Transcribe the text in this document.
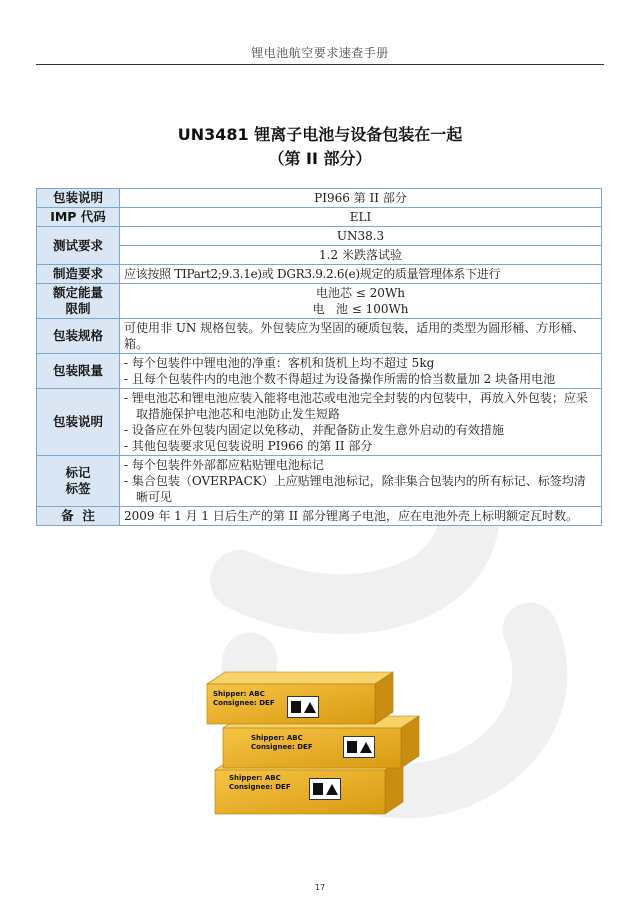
锂电池航空要求速查手册
UN3481 锂离子电池与设备包装在一起
（第 II 部分）
包装说明	PI966 第 II 部分
IMP 代码	ELI
测试要求	UN38.3
	1.2 米跌落试验
制造要求	应该按照 TIPart2;9.3.1e)或 DGR3.9.2.6(e)规定的质量管理体系下进行

额定能量
限制	电池芯 ≤ 20Wh
电   池 ≤ 100Wh

包装规格	可使用非 UN 规格包装。外包装应为坚固的硬质包装，适用的类型为圆形桶、方形桶、箱。
包装限量	- 每个包装件中锂电池的净重：客机和货机上均不超过 5kg
- 且每个包装件内的电池个数不得超过为设备操作所需的恰当数量加 2 块备用电池

包装说明	- 锂电池芯和锂电池应装入能将电池芯或电池完全封装的内包装中，再放入外包装；应采取措施保护电池芯和电池防止发生短路
- 设备应在外包装内固定以免移动，并配备防止发生意外启动的有效措施
- 其他包装要求见包装说明 PI966 的第 II 部分

标记
标签	- 每个包装件外部都应粘贴锂电池标记
- 集合包装（OVERPACK）上应贴锂电池标记，除非集合包装内的所有标记、标签均清晰可见

备  注	2009 年 1 月 1 日后生产的第 II 部分锂离子电池，应在电池外壳上标明额定瓦时数。
Shipper: ABC
Consignee: DEF
Shipper: ABC
Consignee: DEF
Shipper: ABC
Consignee: DEF
17
